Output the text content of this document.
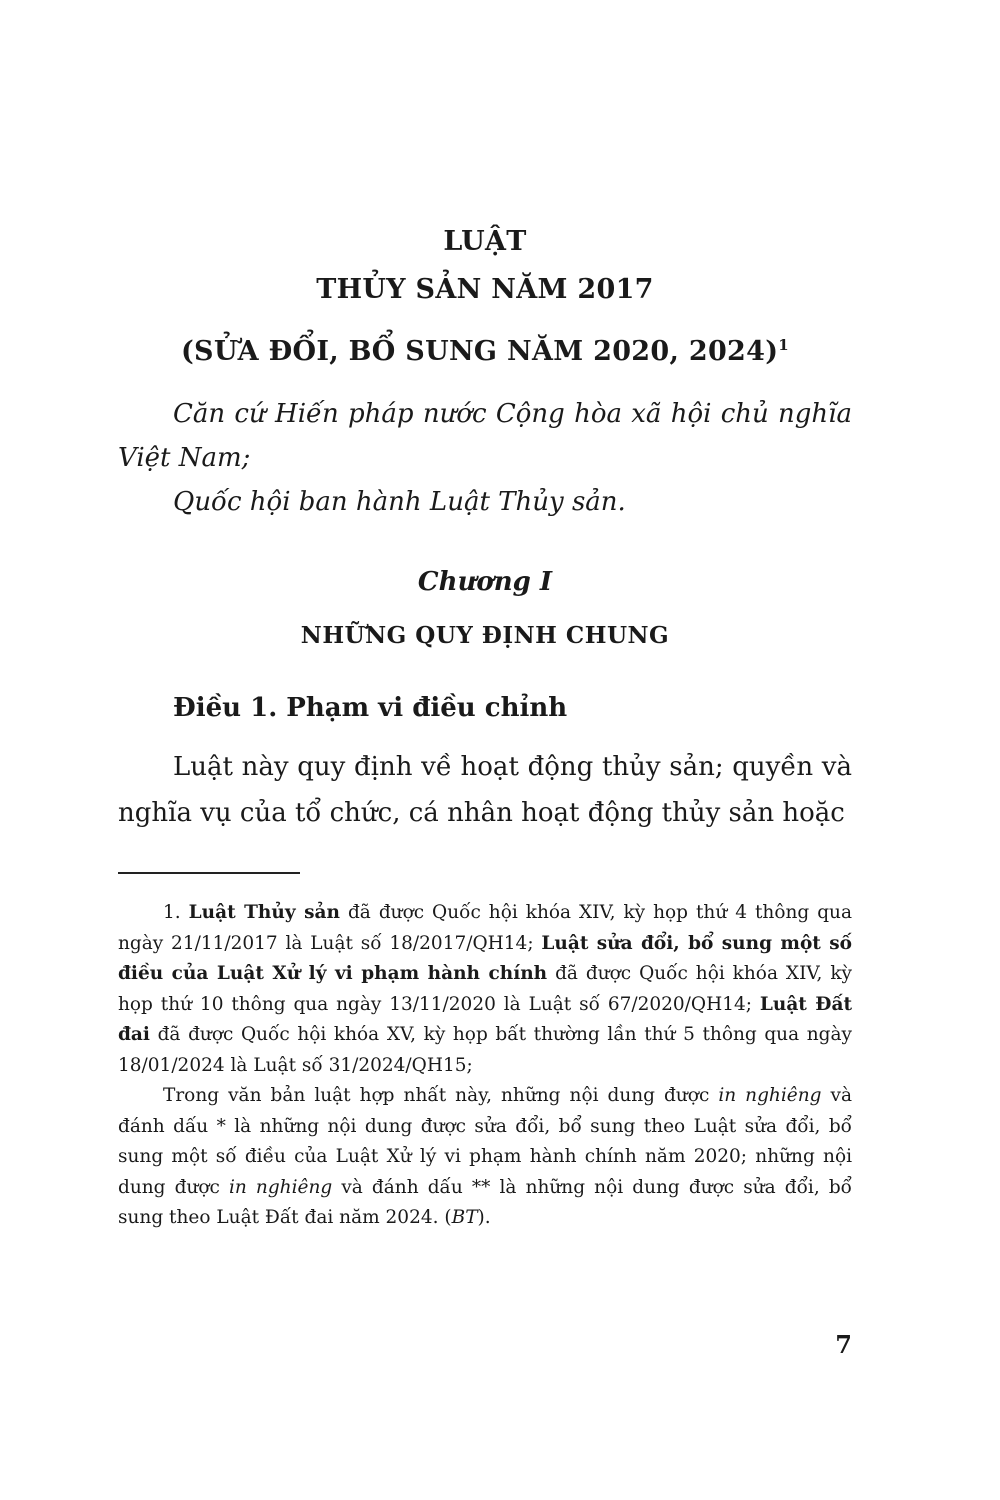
LUẬT
THỦY SẢN NĂM 2017
(SỬA ĐỔI, BỔ SUNG NĂM 2020, 2024)$^1$

Căn cứ Hiến pháp nước Cộng hòa xã hội chủ nghĩa Việt Nam;

Quốc hội ban hành Luật Thủy sản.

Chương I
NHỮNG QUY ĐỊNH CHUNG
Điều 1. Phạm vi điều chỉnh

Luật này quy định về hoạt động thủy sản; quyền và nghĩa vụ của tổ chức, cá nhân hoạt động thủy sản hoặc

1. Luật Thủy sản đã được Quốc hội khóa XIV, kỳ họp thứ 4 thông qua ngày 21/11/2017 là Luật số 18/2017/QH14; Luật sửa đổi, bổ sung một số điều của Luật Xử lý vi phạm hành chính đã được Quốc hội khóa XIV, kỳ họp thứ 10 thông qua ngày 13/11/2020 là Luật số 67/2020/QH14; Luật Đất đai đã được Quốc hội khóa XV, kỳ họp bất thường lần thứ 5 thông qua ngày 18/01/2024 là Luật số 31/2024/QH15;

Trong văn bản luật hợp nhất này, những nội dung được in nghiêng và đánh dấu * là những nội dung được sửa đổi, bổ sung theo Luật sửa đổi, bổ sung một số điều của Luật Xử lý vi phạm hành chính năm 2020; những nội dung được in nghiêng và đánh dấu ** là những nội dung được sửa đổi, bổ sung theo Luật Đất đai năm 2024. (BT).

7
